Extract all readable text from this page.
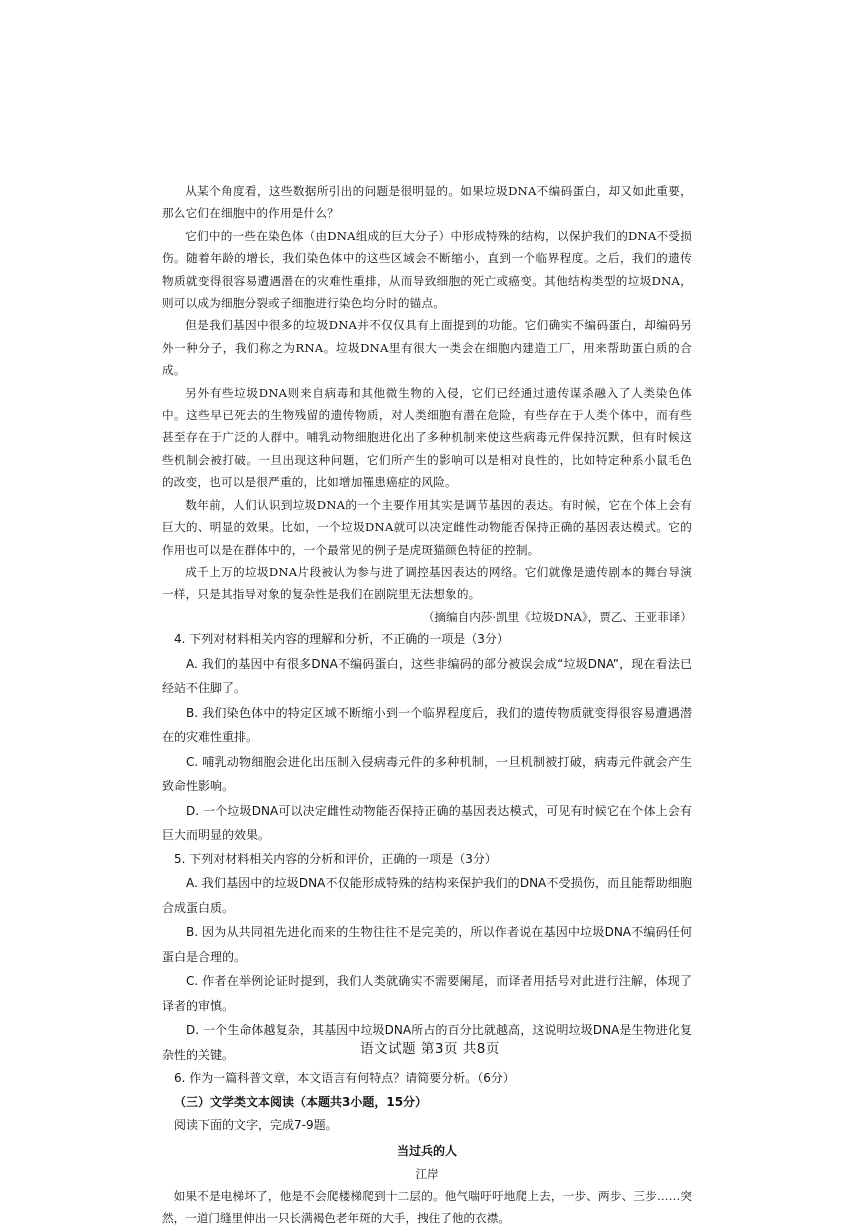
从某个角度看，这些数据所引出的问题是很明显的。如果垃圾DNA不编码蛋白，却又如此重要，那么它们在细胞中的作用是什么？

它们中的一些在染色体（由DNA组成的巨大分子）中形成特殊的结构，以保护我们的DNA不受损伤。随着年龄的增长，我们染色体中的这些区域会不断缩小，直到一个临界程度。之后，我们的遗传物质就变得很容易遭遇潜在的灾难性重排，从而导致细胞的死亡或癌变。其他结构类型的垃圾DNA，则可以成为细胞分裂或子细胞进行染色均分时的锚点。

但是我们基因中很多的垃圾DNA并不仅仅具有上面提到的功能。它们确实不编码蛋白，却编码另外一种分子，我们称之为RNA。垃圾DNA里有很大一类会在细胞内建造工厂，用来帮助蛋白质的合成。

另外有些垃圾DNA则来自病毒和其他微生物的入侵，它们已经通过遗传谋杀融入了人类染色体中。这些早已死去的生物残留的遗传物质，对人类细胞有潜在危险，有些存在于人类个体中，而有些甚至存在于广泛的人群中。哺乳动物细胞进化出了多种机制来使这些病毒元件保持沉默，但有时候这些机制会被打破。一旦出现这种问题，它们所产生的影响可以是相对良性的，比如特定种系小鼠毛色的改变，也可以是很严重的，比如增加罹患癌症的风险。

数年前，人们认识到垃圾DNA的一个主要作用其实是调节基因的表达。有时候，它在个体上会有巨大的、明显的效果。比如，一个垃圾DNA就可以决定雌性动物能否保持正确的基因表达模式。它的作用也可以是在群体中的，一个最常见的例子是虎斑猫颜色特征的控制。

成千上万的垃圾DNA片段被认为参与进了调控基因表达的网络。它们就像是遗传剧本的舞台导演一样，只是其指导对象的复杂性是我们在剧院里无法想象的。

（摘编自内莎·凯里《垃圾DNA》，贾乙、王亚菲译）

4. 下列对材料相关内容的理解和分析，不正确的一项是（3分）

A. 我们的基因中有很多DNA不编码蛋白，这些非编码的部分被误会成“垃圾DNA”，现在看法已经站不住脚了。

B. 我们染色体中的特定区域不断缩小到一个临界程度后，我们的遗传物质就变得很容易遭遇潜在的灾难性重排。

C. 哺乳动物细胞会进化出压制入侵病毒元件的多种机制，一旦机制被打破，病毒元件就会产生致命性影响。

D. 一个垃圾DNA可以决定雌性动物能否保持正确的基因表达模式，可见有时候它在个体上会有巨大而明显的效果。

5. 下列对材料相关内容的分析和评价，正确的一项是（3分）

A. 我们基因中的垃圾DNA不仅能形成特殊的结构来保护我们的DNA不受损伤，而且能帮助细胞合成蛋白质。

B. 因为从共同祖先进化而来的生物往往不是完美的，所以作者说在基因中垃圾DNA不编码任何蛋白是合理的。

C. 作者在举例论证时提到，我们人类就确实不需要阑尾，而译者用括号对此进行注解，体现了译者的审慎。

D. 一个生命体越复杂，其基因中垃圾DNA所占的百分比就越高，这说明垃圾DNA是生物进化复杂性的关键。

6. 作为一篇科普文章，本文语言有何特点？请简要分析。（6分）

（三）文学类文本阅读（本题共3小题，15分）

阅读下面的文字，完成7-9题。

当过兵的人

江岸

如果不是电梯坏了，他是不会爬楼梯爬到十二层的。他气喘吁吁地爬上去，一步、两步、三步……突然，一道门缝里伸出一只长满褐色老年斑的大手，拽住了他的衣襟。

语文试题 第3页 共8页
